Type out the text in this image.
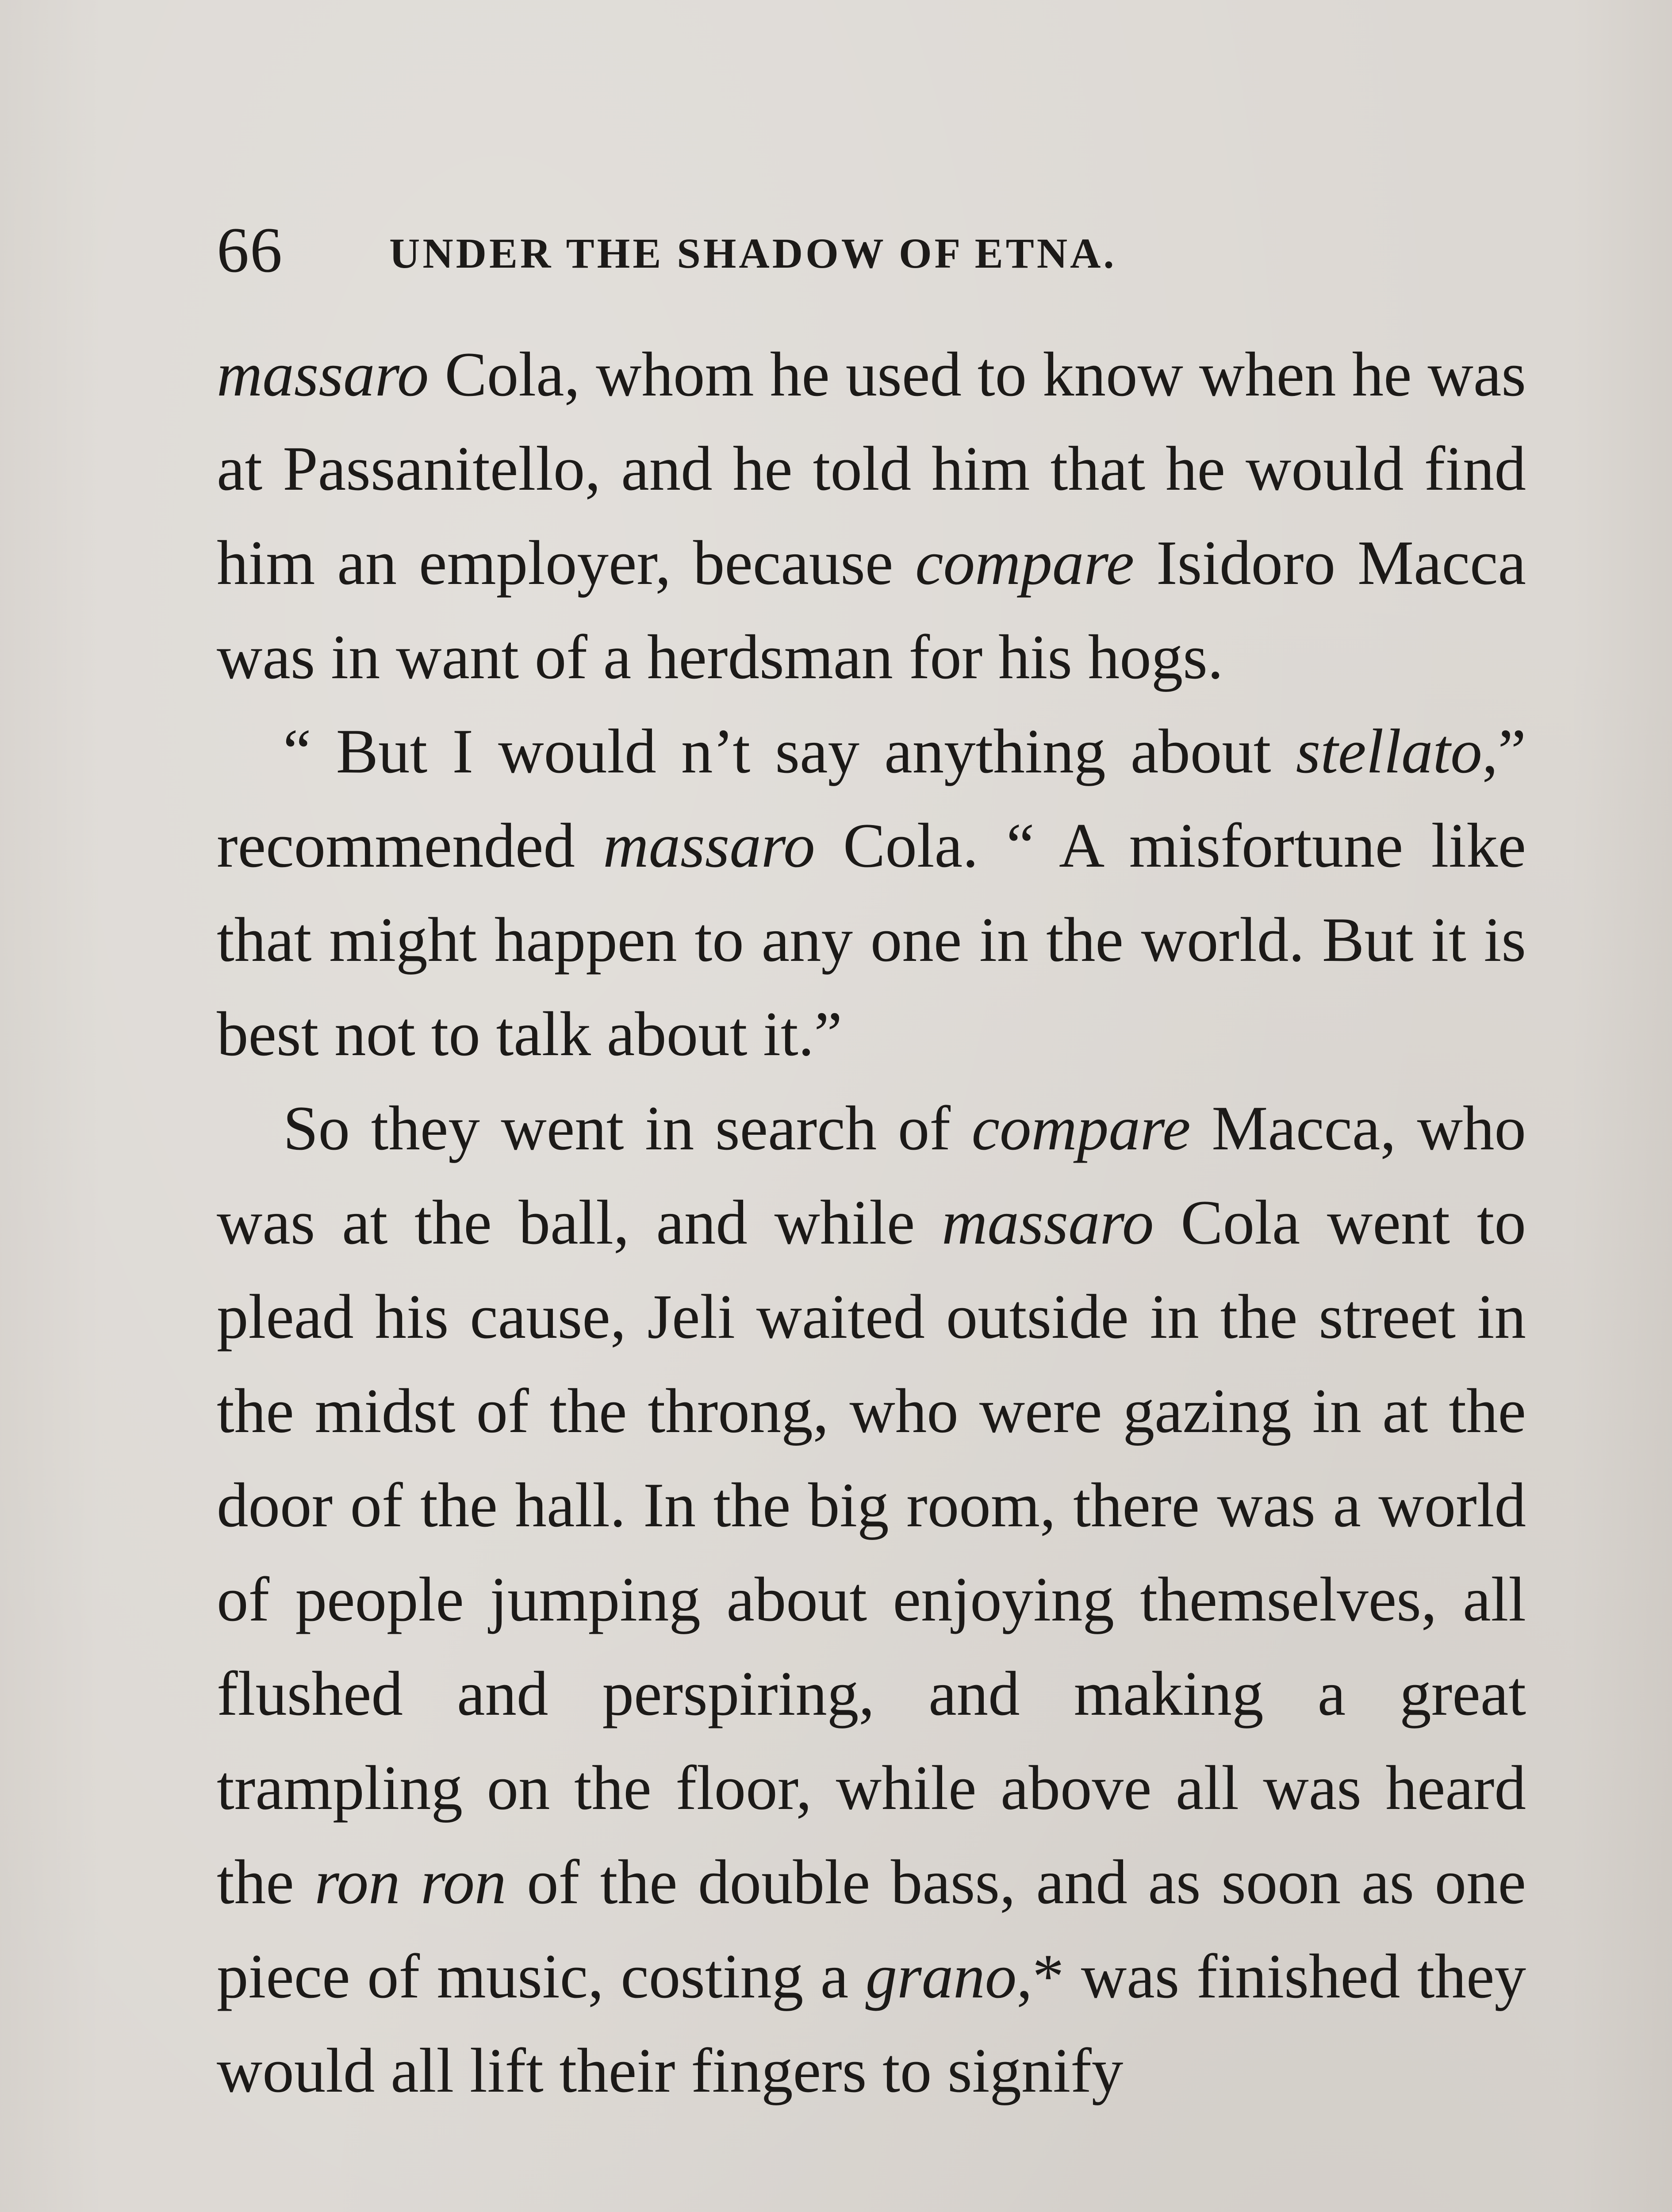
66	UNDER THE SHADOW OF ETNA.

massaro Cola, whom he used to know when he was at Passanitello, and he told him that he would find him an employer, because compare Isidoro Macca was in want of a herdsman for his hogs.

“ But I would n’t say anything about stellato,” recommended massaro Cola. “ A misfortune like that might happen to any one in the world. But it is best not to talk about it.”

So they went in search of compare Macca, who was at the ball, and while massaro Cola went to plead his cause, Jeli waited outside in the street in the midst of the throng, who were gazing in at the door of the hall. In the big room, there was a world of people jumping about enjoying themselves, all flushed and perspiring, and making a great trampling on the floor, while above all was heard the ron ron of the double bass, and as soon as one piece of music, costing a grano,* was finished they would all lift their fingers to signify
